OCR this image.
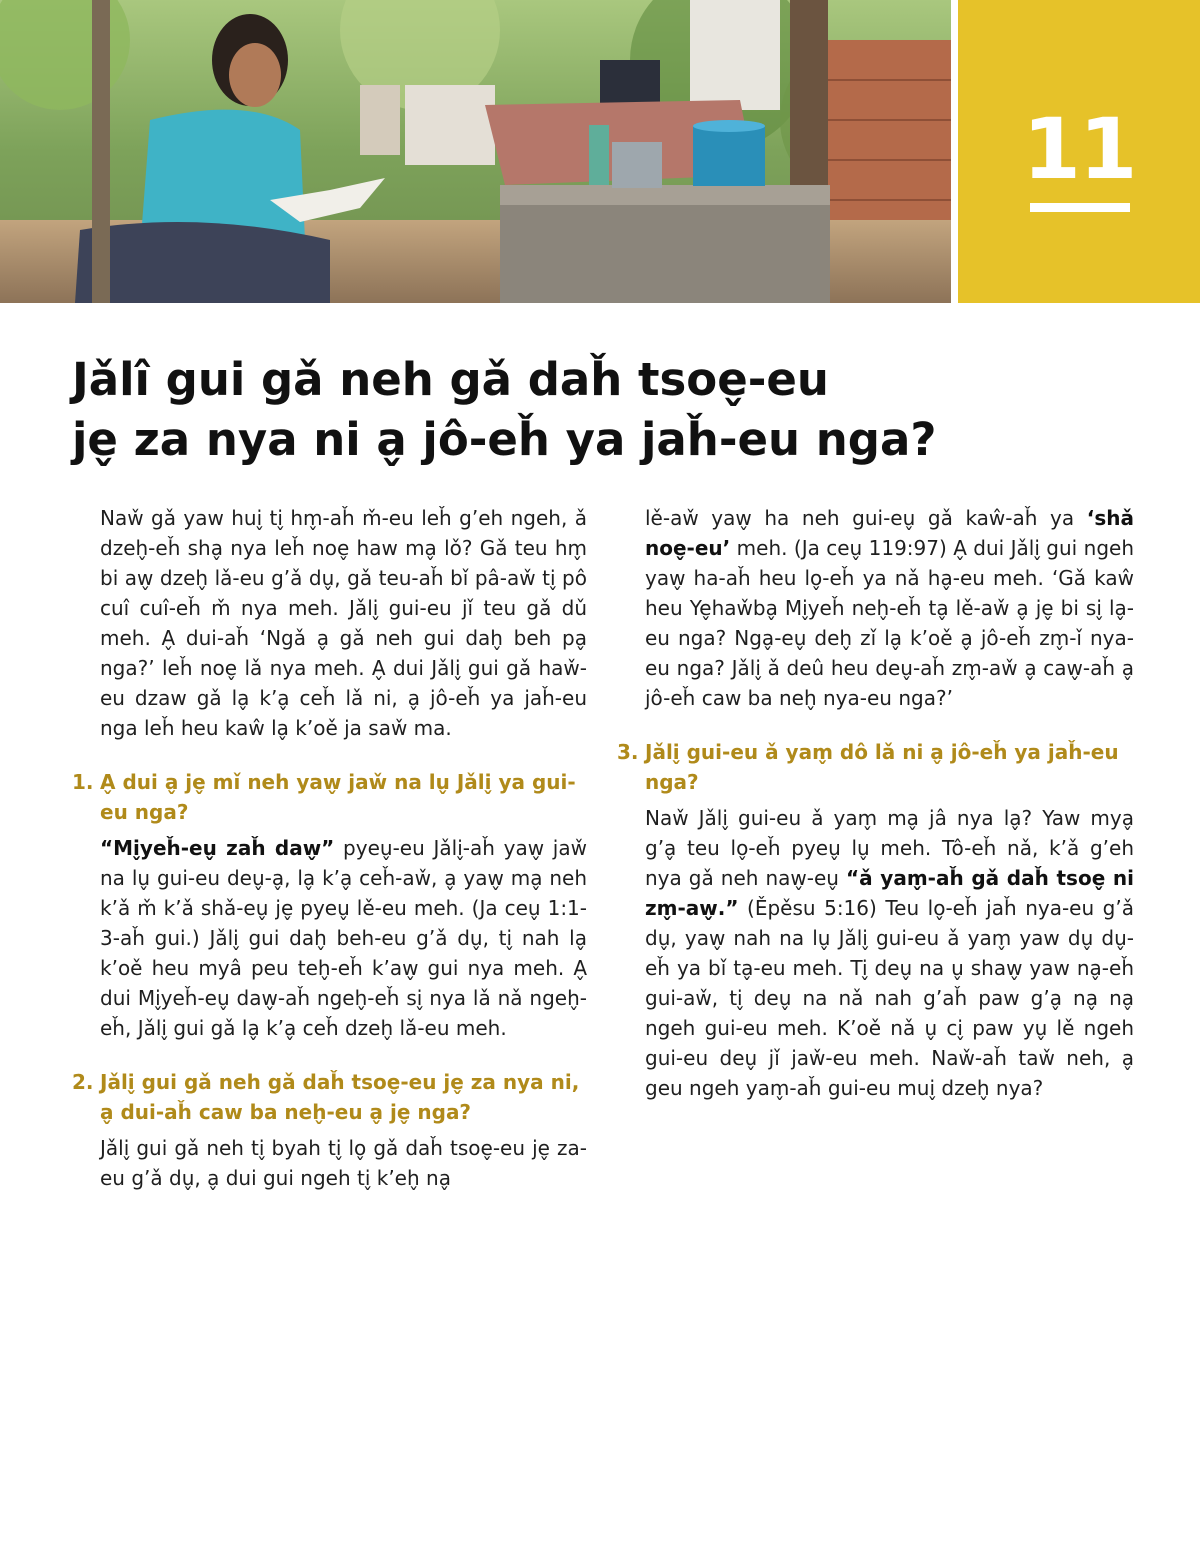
11
Jǎlî gui gǎ neh gǎ daȟ tsoe̬-eu
je̬ za nya ni a̬ jô-eȟ ya jaȟ-eu nga?

Naw̌ gǎ yaw hui̬ ti̬ hm̬-aȟ m̌-eu leȟ g’eh ngeh, ǎ dzeh̬-eȟ sha̬ nya leȟ noe̬ haw ma̬ lǒ? Gǎ teu hm̬ bi aw̬ dzeh̬ lǎ-eu g’ǎ du̬, gǎ teu-aȟ bǐ pâ-aw̌ ti̬ pô cuî cuî-eȟ m̌ nya meh. Jǎli̬ gui-eu jǐ teu gǎ dǔ meh. A̬ dui-aȟ ‘Ngǎ a̬ gǎ neh gui dah̬ beh pa̬ nga?’ leȟ noe̬ lǎ nya meh. A̬ dui Jǎli̬ gui gǎ haw̌-eu dzaw gǎ la̬ k’a̬ ceȟ lǎ ni, a̬ jô-eȟ ya jaȟ-eu nga leȟ heu kaŵ la̬ k’oě ja saw̌ ma.

1. A̬ dui a̬ je̬ mǐ neh yaw̬ jaw̌ na lu̬ Jǎli̬ ya gui-eu nga?

“Mi̬yeȟ-eu̬ zaȟ daw̬” pyeu̬-eu Jǎli̬-aȟ yaw̬ jaw̌ na lu̬ gui-eu deu̬-a̬, la̬ k’a̬ ceȟ-aw̌, a̬ yaw̬ ma̬ neh k’ǎ m̌ k’ǎ shǎ-eu̬ je̬ pyeu̬ lě-eu meh. (Ja ceu̬ 1:1-3-aȟ gui.) Jǎli̬ gui dah̬ beh-eu g’ǎ du̬, ti̬ nah la̬ k’oě heu myâ peu teh̬-eȟ k’aw̬ gui nya meh. A̬ dui Mi̬yeȟ-eu̬ daw̬-aȟ ngeh̬-eȟ si̬ nya lǎ nǎ ngeh̬-eȟ, Jǎli̬ gui gǎ la̬ k’a̬ ceȟ dzeh̬ lǎ-eu meh.

2. Jǎli̬ gui gǎ neh gǎ daȟ tsoe̬-eu je̬ za nya ni, a̬ dui-aȟ caw ba neh̬-eu a̬ je̬ nga?

Jǎli̬ gui gǎ neh ti̬ byah ti̬ lo̬ gǎ daȟ tsoe̬-eu je̬ za-eu g’ǎ du̬, a̬ dui gui ngeh ti̬ k’eh̬ na̬

lě-aw̌ yaw̬ ha neh gui-eu̬ gǎ kaŵ-aȟ ya ‘shǎ noe̬-eu’ meh. (Ja ceu̬ 119:97) A̬ dui Jǎli̬ gui ngeh yaw̬ ha-aȟ heu lo̬-eȟ ya nǎ ha̬-eu meh. ‘Gǎ kaŵ heu Ye̬haw̌ba̬ Mi̬yeȟ neh̬-eȟ ta̬ lě-aw̌ a̬ je̬ bi si̬ la̬-eu nga? Nga̬-eu̬ deh̬ zǐ la̬ k’oě a̬ jô-eȟ zm̬-ǐ nya-eu nga? Jǎli̬ ǎ deû heu deu̬-aȟ zm̬-aw̌ a̬ caw̬-aȟ a̬ jô-eȟ caw ba neh̬ nya-eu nga?’

3. Jǎli̬ gui-eu ǎ yam̬ dô lǎ ni a̬ jô-eȟ ya jaȟ-eu nga?

Naw̌ Jǎli̬ gui-eu ǎ yam̬ ma̬ jâ nya la̬? Yaw mya̬ g’a̬ teu lo̬-eȟ pyeu̬ lu̬ meh. Tô-eȟ nǎ, k’ǎ g’eh nya gǎ neh naw̬-eu̬ “ǎ yam̬-aȟ gǎ daȟ tsoe̬ ni zm̬-aw̬.” (Ěpěsu 5:16) Teu lo̬-eȟ jaȟ nya-eu g’ǎ du̬, yaw̬ nah na lu̬ Jǎli̬ gui-eu ǎ yam̬ yaw du̬ du̬-eȟ ya bǐ ta̬-eu meh. Ti̬ deu̬ na u̬ shaw̬ yaw na̬-eȟ gui-aw̌, ti̬ deu̬ na nǎ nah g’aȟ paw g’a̬ na̬ na̬ ngeh gui-eu meh. K’oě nǎ u̬ ci̬ paw yu̬ lě ngeh gui-eu deu̬ jǐ jaw̌-eu meh. Naw̌-aȟ taw̌ neh, a̬ geu ngeh yam̬-aȟ gui-eu mui̬ dzeh̬ nya?
